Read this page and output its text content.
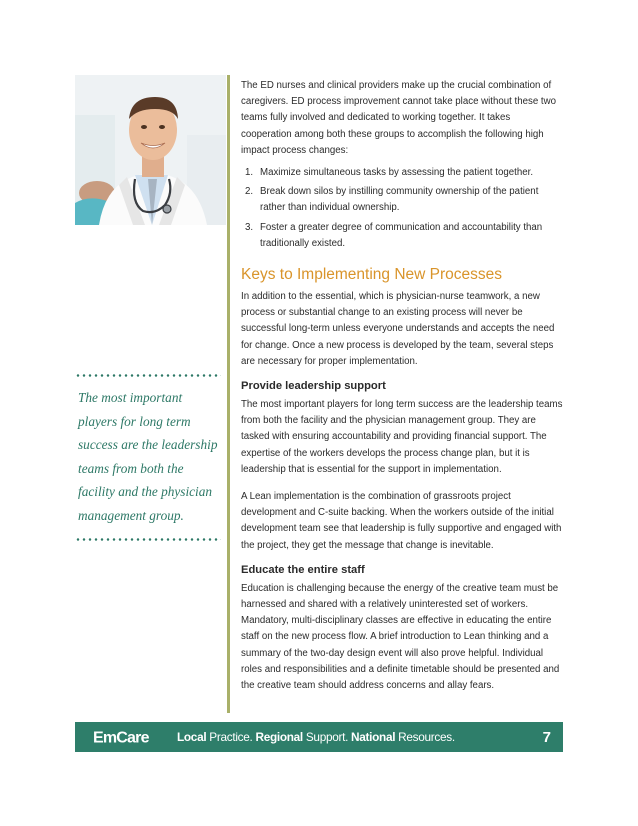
The most important players for long term success are the leadership teams from both the facility and the physician management group.

The ED nurses and clinical providers make up the crucial combination of caregivers. ED process improvement cannot take place without these two teams fully involved and dedicated to working together. It takes cooperation among both these groups to accomplish the following high impact process changes:

1. Maximize simultaneous tasks by assessing the patient together.
2. Break down silos by instilling community ownership of the patient rather than individual ownership.
3. Foster a greater degree of communication and accountability than traditionally existed.
Keys to Implementing New Processes

In addition to the essential, which is physician-nurse teamwork, a new process or substantial change to an existing process will never be successful long-term unless everyone understands and accepts the need for change. Once a new process is developed by the team, several steps are necessary for proper implementation.

Provide leadership support

The most important players for long term success are the leadership teams from both the facility and the physician management group. They are tasked with ensuring accountability and providing financial support. The expertise of the workers develops the process change plan, but it is leadership that is essential for the support in implementation.

A Lean implementation is the combination of grassroots project development and C-suite backing. When the workers outside of the initial development team see that leadership is fully supportive and engaged with the project, they get the message that change is inevitable.

Educate the entire staff

Education is challenging because the energy of the creative team must be harnessed and shared with a relatively uninterested set of workers. Mandatory, multi-disciplinary classes are effective in educating the entire staff on the new process flow. A brief introduction to Lean thinking and a summary of the two-day design event will also prove helpful. Individual roles and responsibilities and a definite timetable should be presented and the creative team should address concerns and allay fears.

EmCare Local Practice. Regional Support. National Resources.	7
